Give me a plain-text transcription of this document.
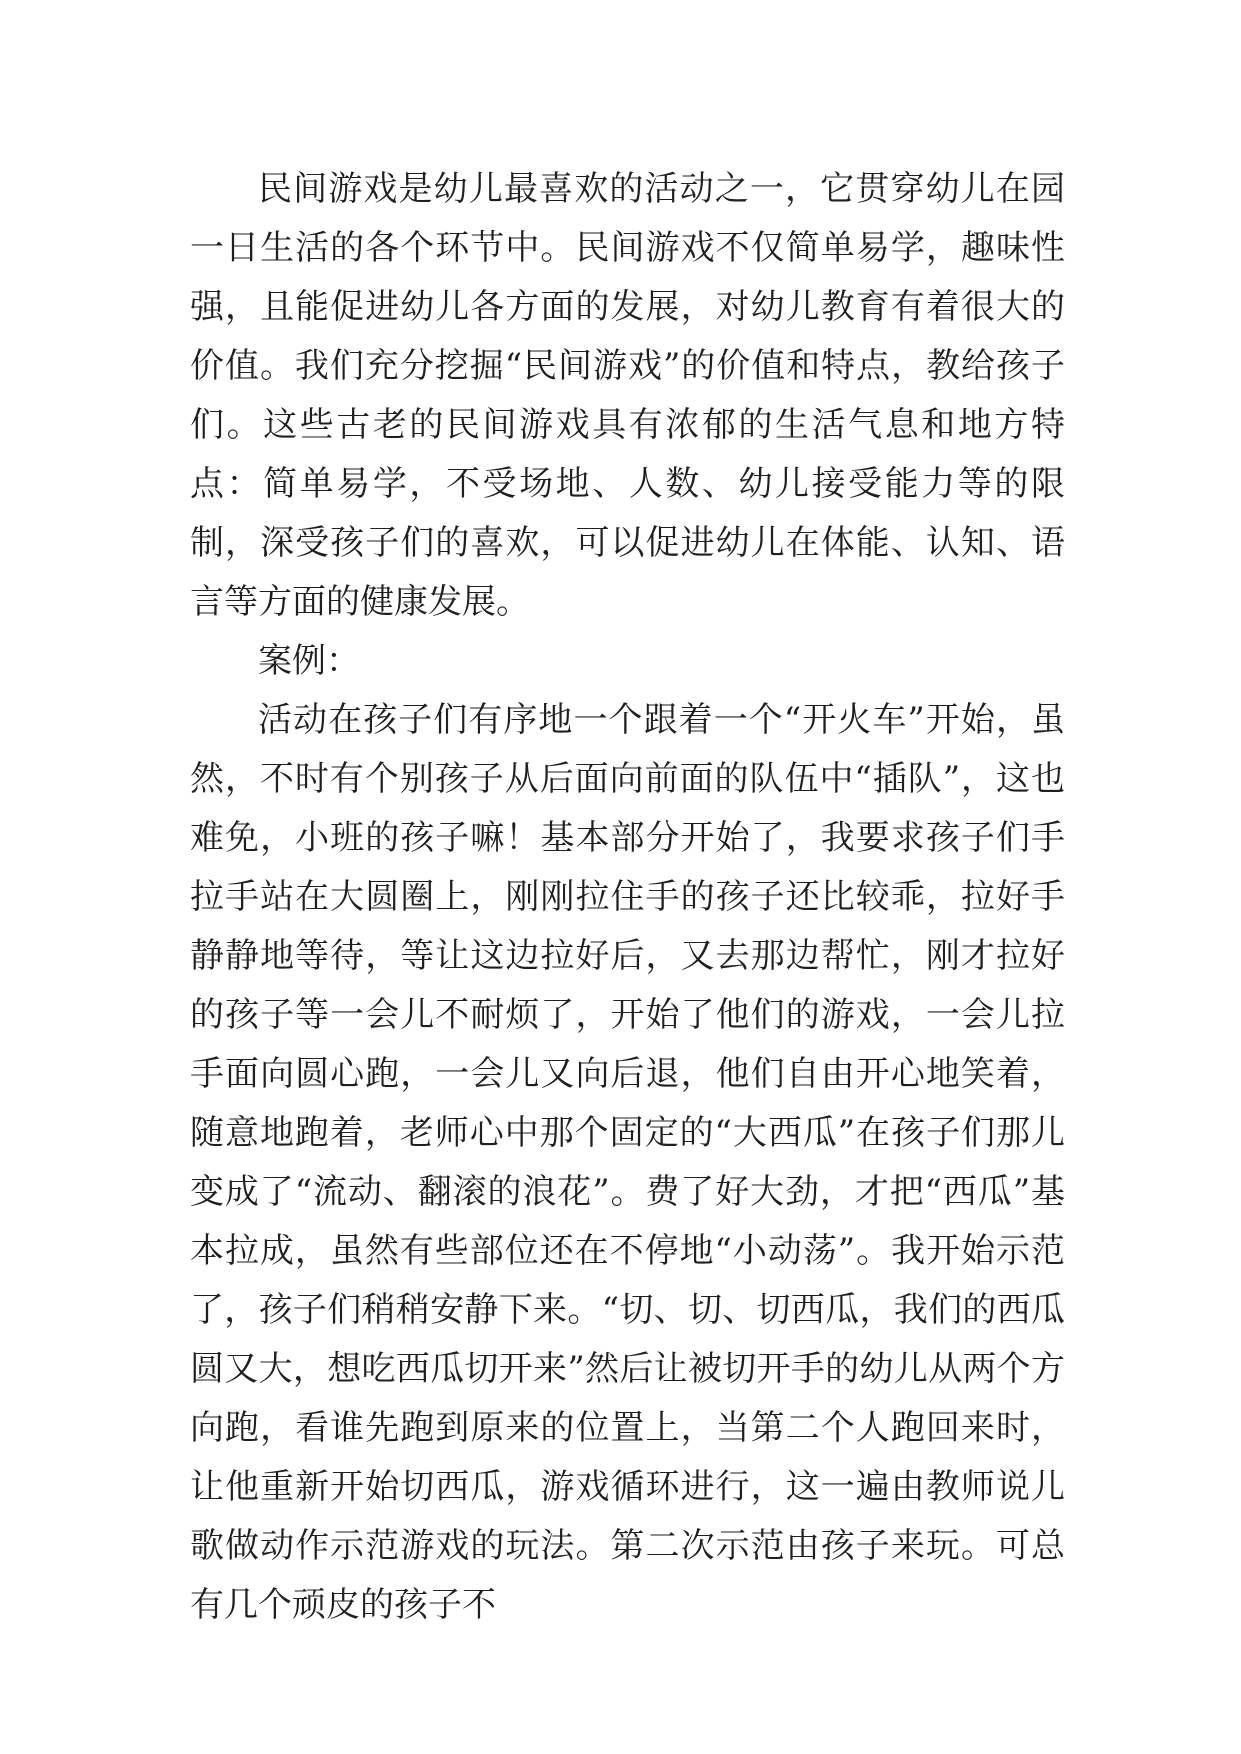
民间游戏是幼儿最喜欢的活动之一，它贯穿幼儿在园一日生活的各个环节中。民间游戏不仅简单易学，趣味性强，且能促进幼儿各方面的发展，对幼儿教育有着很大的价值。我们充分挖掘“民间游戏”的价值和特点，教给孩子们。这些古老的民间游戏具有浓郁的生活气息和地方特点：简单易学，不受场地、人数、幼儿接受能力等的限制，深受孩子们的喜欢，可以促进幼儿在体能、认知、语言等方面的健康发展。

案例：

活动在孩子们有序地一个跟着一个“开火车”开始，虽然，不时有个别孩子从后面向前面的队伍中“插队”，这也难免，小班的孩子嘛！基本部分开始了，我要求孩子们手拉手站在大圆圈上，刚刚拉住手的孩子还比较乖，拉好手静静地等待，等让这边拉好后，又去那边帮忙，刚才拉好的孩子等一会儿不耐烦了，开始了他们的游戏，一会儿拉手面向圆心跑，一会儿又向后退，他们自由开心地笑着，随意地跑着，老师心中那个固定的“大西瓜”在孩子们那儿变成了“流动、翻滚的浪花”。费了好大劲，才把“西瓜”基本拉成，虽然有些部位还在不停地“小动荡”。我开始示范了，孩子们稍稍安静下来。“切、切、切西瓜，我们的西瓜圆又大，想吃西瓜切开来”然后让被切开手的幼儿从两个方向跑，看谁先跑到原来的位置上，当第二个人跑回来时，让他重新开始切西瓜，游戏循环进行，这一遍由教师说儿歌做动作示范游戏的玩法。第二次示范由孩子来玩。可总有几个顽皮的孩子不
